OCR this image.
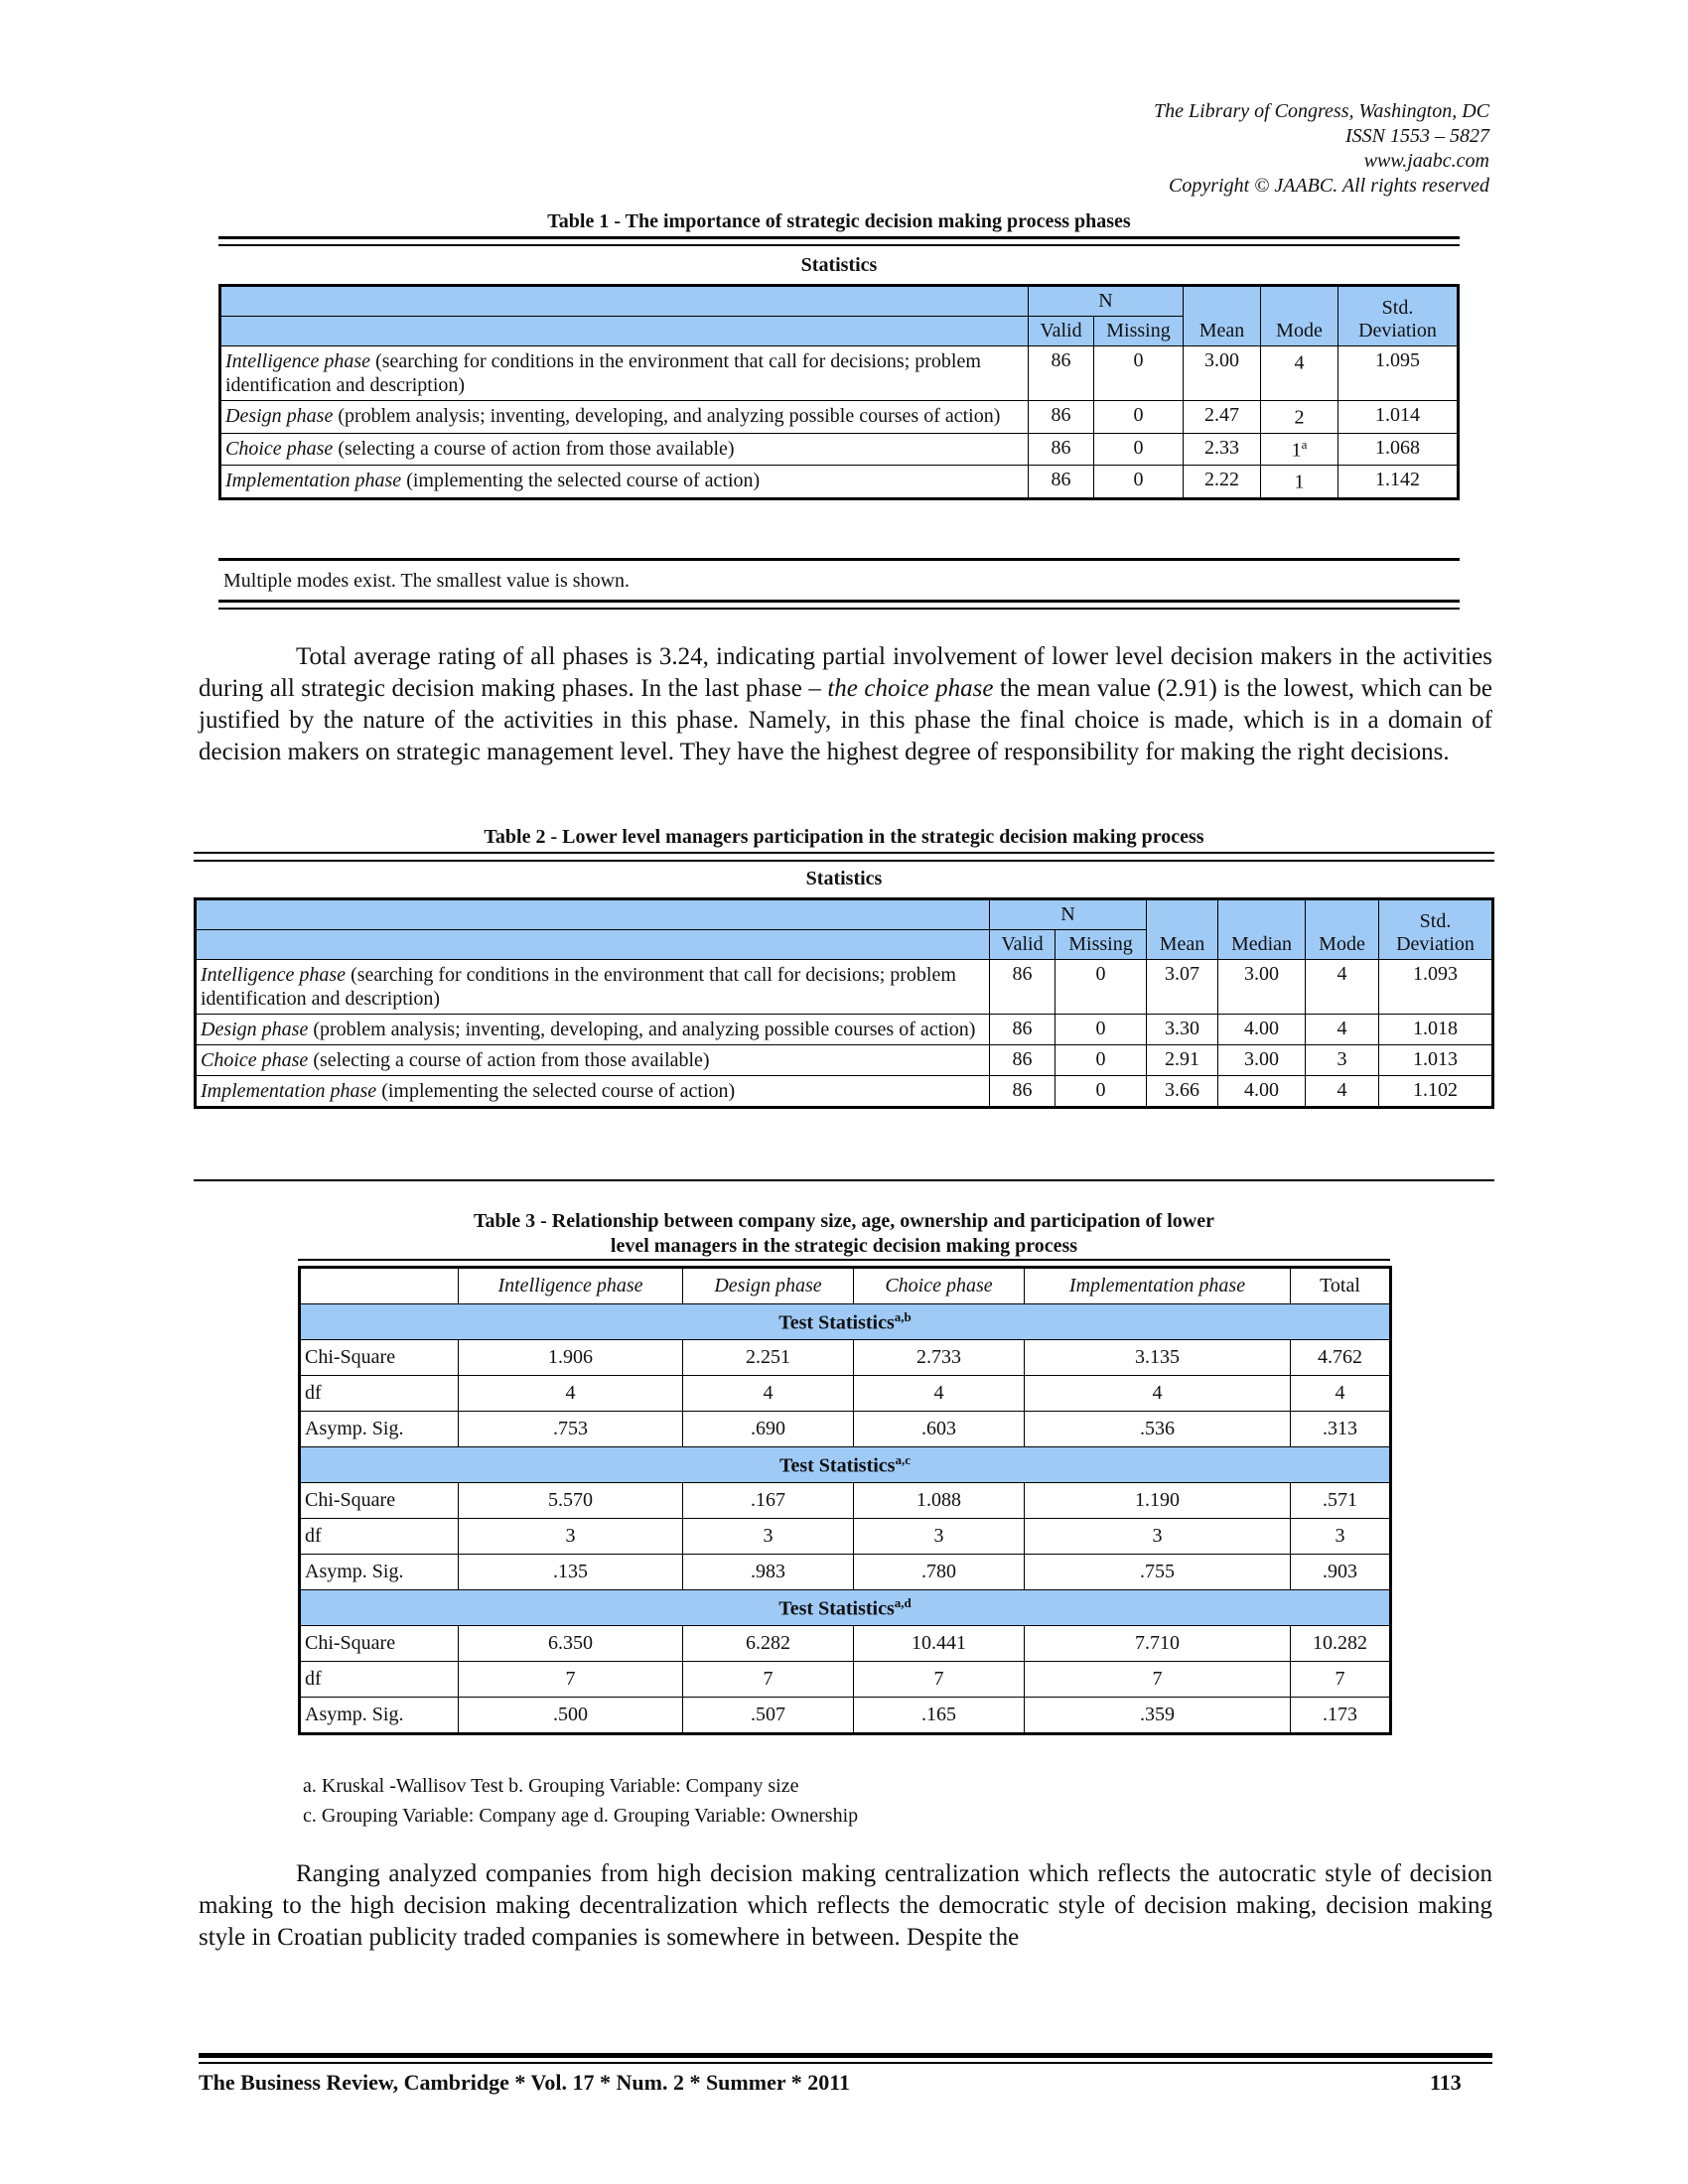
The Library of Congress, Washington, DC
ISSN 1553 – 5827
www.jaabc.com
Copyright © JAABC. All rights reserved
Table 1 - The importance of strategic decision making process phases
Statistics
	N		Mean	Mode	Std. Deviation
	Valid	Missing			
Intelligence phase (searching for conditions in the environment that call for decisions; problem identification and description)	86	0	3.00	4	1.095
Design phase (problem analysis; inventing, developing, and analyzing possible courses of action)	86	0	2.47	2	1.014
Choice phase (selecting a course of action from those available)	86	0	2.33	1$^a$	1.068
Implementation phase (implementing the selected course of action)	86	0	2.22	1	1.142
Multiple modes exist. The smallest value is shown.
Total average rating of all phases is 3.24, indicating partial involvement of lower level decision makers in the activities during all strategic decision making phases. In the last phase – the choice phase the mean value (2.91) is the lowest, which can be justified by the nature of the activities in this phase. Namely, in this phase the final choice is made, which is in a domain of decision makers on strategic management level. They have the highest degree of responsibility for making the right decisions.
Table 2 - Lower level managers participation in the strategic decision making process
Statistics
	N		Mean	Median	Mode	Std. Deviation
	Valid	Missing				
Intelligence phase (searching for conditions in the environment that call for decisions; problem identification and description)	86	0	3.07	3.00	4	1.093
Design phase (problem analysis; inventing, developing, and analyzing possible courses of action)	86	0	3.30	4.00	4	1.018
Choice phase (selecting a course of action from those available)	86	0	2.91	3.00	3	1.013
Implementation phase (implementing the selected course of action)	86	0	3.66	4.00	4	1.102
Table 3 - Relationship between company size, age, ownership and participation of lower
level managers in the strategic decision making process
	Intelligence phase	Design phase	Choice phase	Implementation phase	Total
Test Statistics$^{a,b}$
Chi-Square	1.906	2.251	2.733	3.135	4.762
df	4	4	4	4	4
Asymp. Sig.	.753	.690	.603	.536	.313
Test Statistics$^{a,c}$
Chi-Square	5.570	.167	1.088	1.190	.571
df	3	3	3	3	3
Asymp. Sig.	.135	.983	.780	.755	.903
Test Statistics$^{a,d}$
Chi-Square	6.350	6.282	10.441	7.710	10.282
df	7	7	7	7	7
Asymp. Sig.	.500	.507	.165	.359	.173
a. Kruskal -Wallisov Test b. Grouping Variable: Company size
c. Grouping Variable: Company age d. Grouping Variable: Ownership
Ranging analyzed companies from high decision making centralization which reflects the autocratic style of decision making to the high decision making decentralization which reflects the democratic style of decision making, decision making style in Croatian publicity traded companies is somewhere in between. Despite the
The Business Review, Cambridge * Vol. 17 * Num. 2 * Summer * 2011	113
